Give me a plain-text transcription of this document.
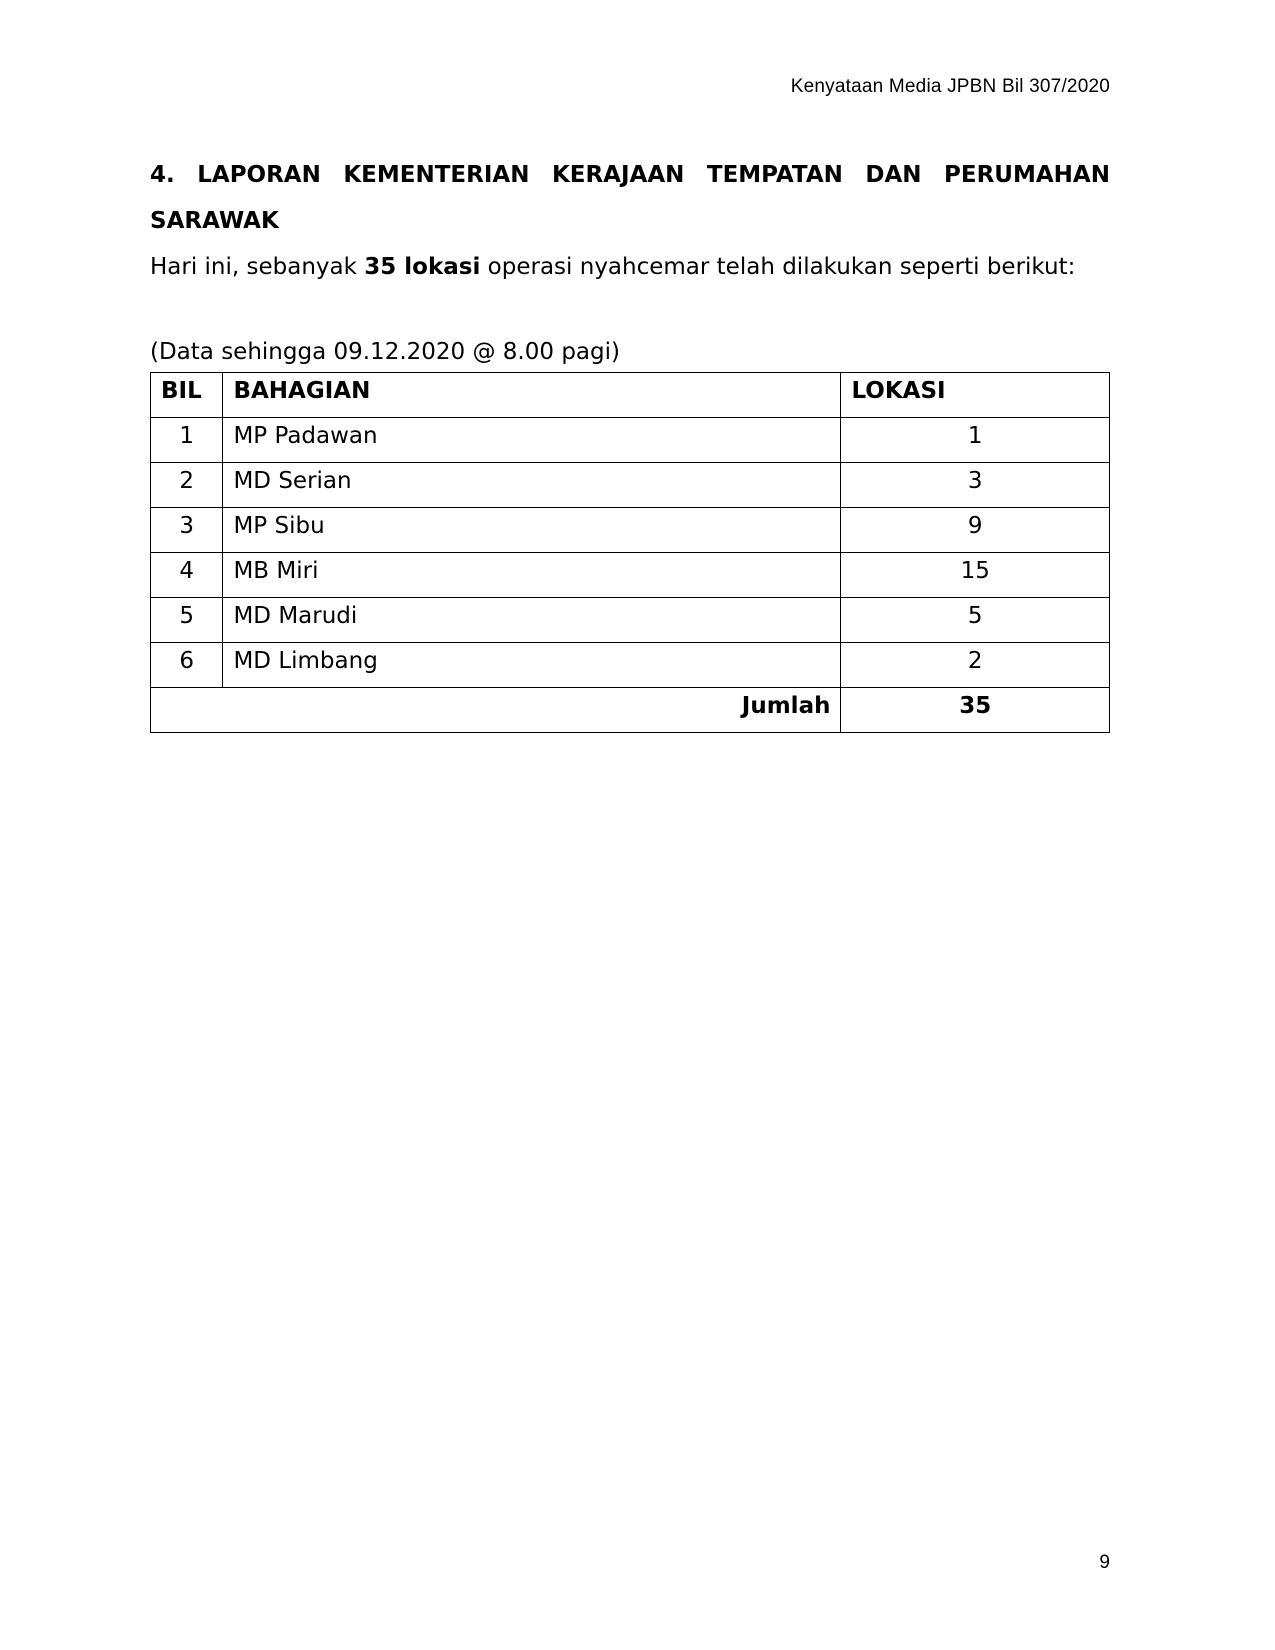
Kenyataan Media JPBN Bil 307/2020
4. LAPORAN KEMENTERIAN KERAJAAN TEMPATAN DAN PERUMAHAN

SARAWAK

Hari ini, sebanyak 35 lokasi operasi nyahcemar telah dilakukan seperti berikut:

(Data sehingga 09.12.2020 @ 8.00 pagi)

BIL	BAHAGIAN	LOKASI
1	MP Padawan	1
2	MD Serian	3
3	MP Sibu	9
4	MB Miri	15
5	MD Marudi	5
6	MD Limbang	2
Jumlah		35
9
